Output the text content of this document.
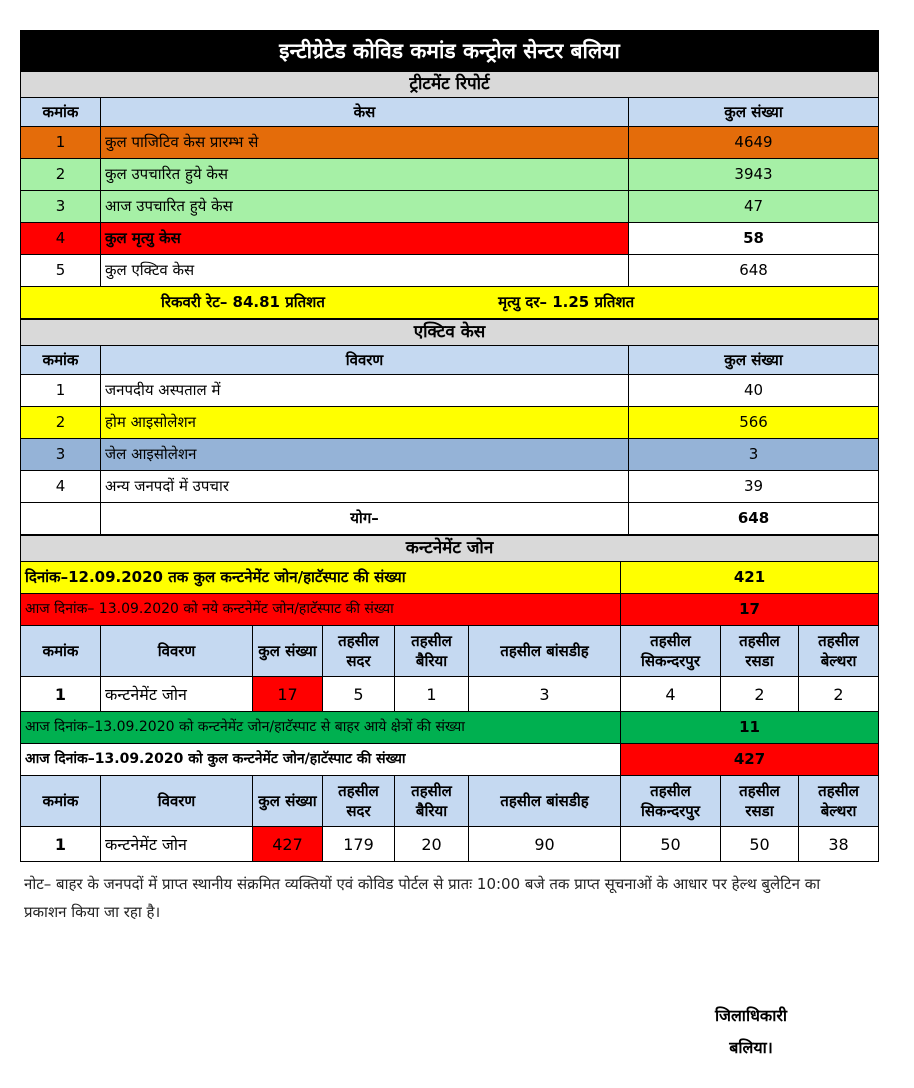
इन्टीग्रेटेड कोविड कमांड कन्ट्रोल सेन्टर बलिया		
ट्रीटमेंट रिपोर्ट		
कमांक	केस	कुल संख्या
1	कुल पाजिटिव केस प्रारम्भ से	4649
2	कुल उपचारित हुये केस	3943
3	आज उपचारित हुये केस	47
4	कुल मृत्यु केस	58
5	कुल एक्टिव केस	648
रिकवरी रेट– 84.81 प्रतिशत मृत्यु दर– 1.25 प्रतिशत		
एक्टिव केस		
कमांक	विवरण	कुल संख्या
1	जनपदीय अस्पताल में	40
2	होम आइसोलेशन	566
3	जेल आइसोलेशन	3
4	अन्य जनपदों में उपचार	39
	योग–	648
कन्टनेमेंट जोन								
दिनांक–12.09.2020 तक कुल कन्टनेमेंट जोन/हाटॅस्पाट की संख्या						421		
आज दिनांक– 13.09.2020 को नये कन्टनेमेंट जोन/हाटॅस्पाट की संख्या						17		
कमांक	विवरण	कुल संख्या	तहसील सदर	तहसील बैरिया	तहसील बांसडीह	तहसील सिकन्दरपुर	तहसील रसडा	तहसील बेल्थरा
1	कन्टनेमेंट जोन	17	5	1	3	4	2	2
आज दिनांक–13.09.2020 को कन्टनेमेंट जोन/हाटॅस्पाट से बाहर आये क्षेत्रों की संख्या						11		
आज दिनांक–13.09.2020 को कुल कन्टनेमेंट जोन/हाटॅस्पाट की संख्या						427		
कमांक	विवरण	कुल संख्या	तहसील सदर	तहसील बैरिया	तहसील बांसडीह	तहसील सिकन्दरपुर	तहसील रसडा	तहसील बेल्थरा
1	कन्टनेमेंट जोन	427	179	20	90	50	50	38
नोट– बाहर के जनपदों में प्राप्त स्थानीय संक्रमित व्यक्तियों एवं कोविड पोर्टल से प्रातः 10:00 बजे तक प्राप्त सूचनाओं के आधार पर हेल्थ बुलेटिन का प्रकाशन किया जा रहा है।
जिलाधिकारी
बलिया।
